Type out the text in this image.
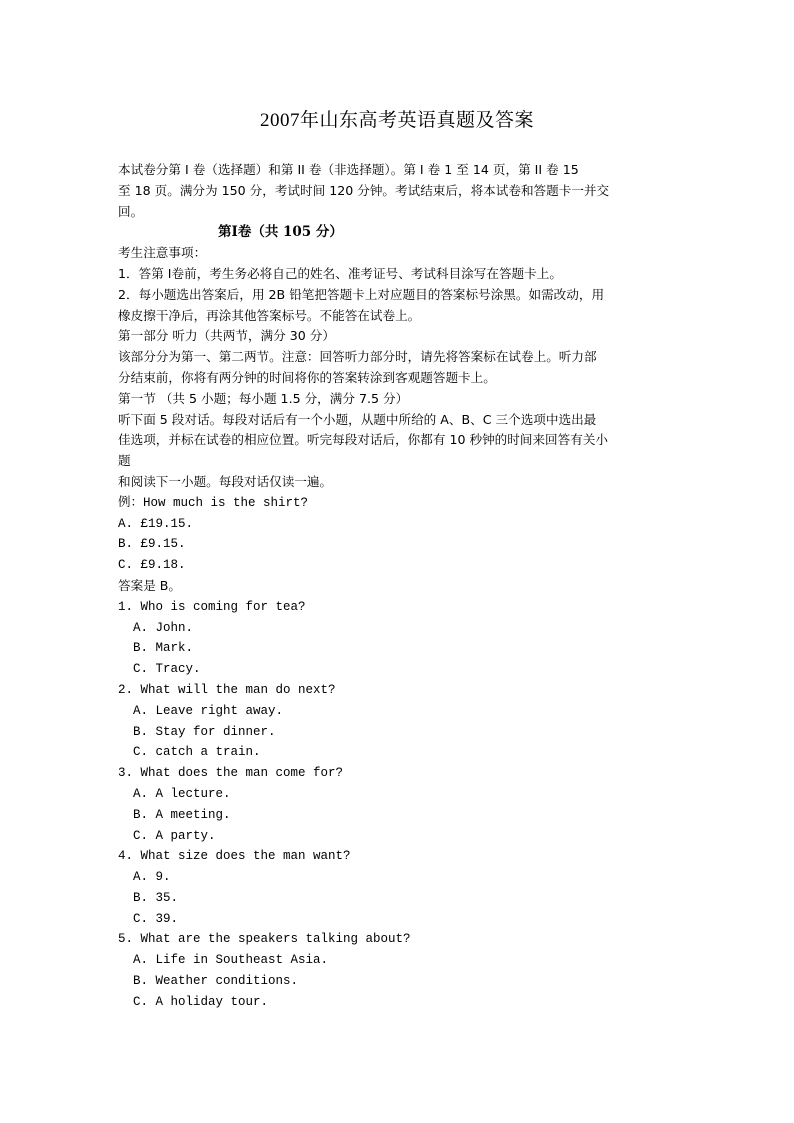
2007年山东高考英语真题及答案
本试卷分第 I 卷（选择题）和第 II 卷（非选择题）。第 I 卷 1 至 14 页，第 II 卷 15
至 18 页。满分为 150 分，考试时间 120 分钟。考试结束后，将本试卷和答题卡一并交
回。
第Ⅰ卷（共 105 分）
考生注意事项：
1．答第 I卷前，考生务必将自己的姓名、准考证号、考试科目涂写在答题卡上。
2．每小题选出答案后，用 2B 铅笔把答题卡上对应题目的答案标号涂黑。如需改动，用
橡皮擦干净后，再涂其他答案标号。不能答在试卷上。
第一部分 听力（共两节，满分 30 分）
该部分分为第一、第二两节。注意：回答听力部分时，请先将答案标在试卷上。听力部
分结束前，你将有两分钟的时间将你的答案转涂到客观题答题卡上。
第一节 （共 5 小题；每小题 1.5 分，满分 7.5 分）
听下面 5 段对话。每段对话后有一个小题，从题中所给的 A、B、C 三个选项中选出最
佳选项，并标在试卷的相应位置。听完每段对话后，你都有 10 秒钟的时间来回答有关小
题
和阅读下一小题。每段对话仅读一遍。
例：How much is the shirt?
A. £19.15.
B. £9.15.
C. £9.18.
答案是 B。
1. Who is coming for tea?
A. John.
B. Mark.
C. Tracy.
2. What will the man do next?
A. Leave right away.
B. Stay for dinner.
C. catch a train.
3. What does the man come for?
A. A lecture.
B. A meeting.
C. A party.
4. What size does the man want?
A. 9.
B. 35.
C. 39.
5. What are the speakers talking about?
A. Life in Southeast Asia.
B. Weather conditions.
C. A holiday tour.
